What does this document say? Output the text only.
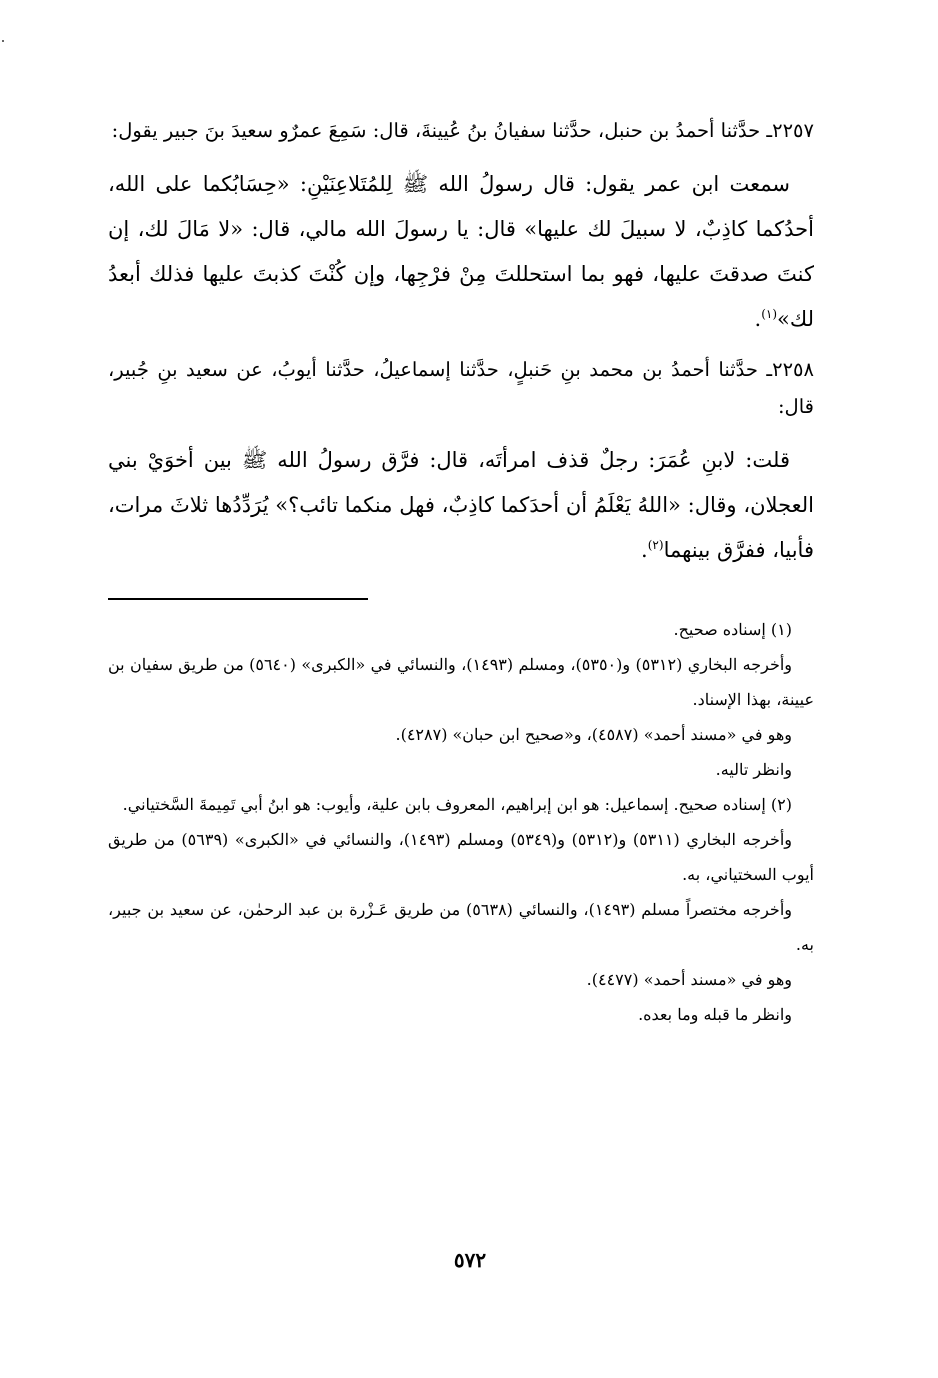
٢٢٥٧ـ حدَّثنا أحمدُ بن حنبل، حدَّثنا سفيانُ بنُ عُيينةَ، قال: سَمِعَ عمرٌو سعيدَ بنَ جبير يقول:

سمعت ابن عمر يقول: قال رسولُ الله ﷺ لِلمُتَلاعِنَيْنِ: «حِسَابُكما على الله، أحدُكما كاذِبٌ، لا سبيلَ لك عليها» قال: يا رسولَ الله مالي، قال: «لا مَالَ لك، إن كنتَ صدقتَ عليها، فهو بما استحللتَ مِنْ فرْجِها، وإن كُنْتَ كذبتَ عليها فذلك أبعدُ لك»$^{(١)}$.

٢٢٥٨ـ حدَّثنا أحمدُ بن محمد بنِ حَنبلٍ، حدَّثنا إسماعيلُ، حدَّثنا أيوبُ، عن سعيد بنِ جُبير، قال:

قلت: لابنِ عُمَرَ: رجلٌ قذف امرأتَه، قال: فرَّق رسولُ الله ﷺ بين أخوَيْ بني العجلان، وقال: «اللهُ يَعْلَمُ أن أحدَكما كاذِبٌ، فهل منكما تائب؟» يُرَدِّدُها ثلاثَ مرات، فأبيا، ففرَّق بينهما$^{(٢)}$.

(١) إسناده صحيح.

وأخرجه البخاري (٥٣١٢) و(٥٣٥٠)، ومسلم (١٤٩٣)، والنسائي في «الكبرى» (٥٦٤٠) من طريق سفيان بن عيينة، بهذا الإسناد.

وهو في «مسند أحمد» (٤٥٨٧)، و«صحيح ابن حبان» (٤٢٨٧).

وانظر تاليه.

(٢) إسناده صحيح. إسماعيل: هو ابن إبراهيم، المعروف بابن علية، وأيوب: هو ابنُ أبي تَمِيمةَ السَّختياني.

وأخرجه البخاري (٥٣١١) و(٥٣١٢) و(٥٣٤٩) ومسلم (١٤٩٣)، والنسائي في «الكبرى» (٥٦٣٩) من طريق أيوب السختياني، به.

وأخرجه مختصراً مسلم (١٤٩٣)، والنسائي (٥٦٣٨) من طريق عَـزْرة بن عبد الرحمٰن، عن سعيد بن جبير، به.

وهو في «مسند أحمد» (٤٤٧٧).

وانظر ما قبله وما بعده.

٥٧٢
